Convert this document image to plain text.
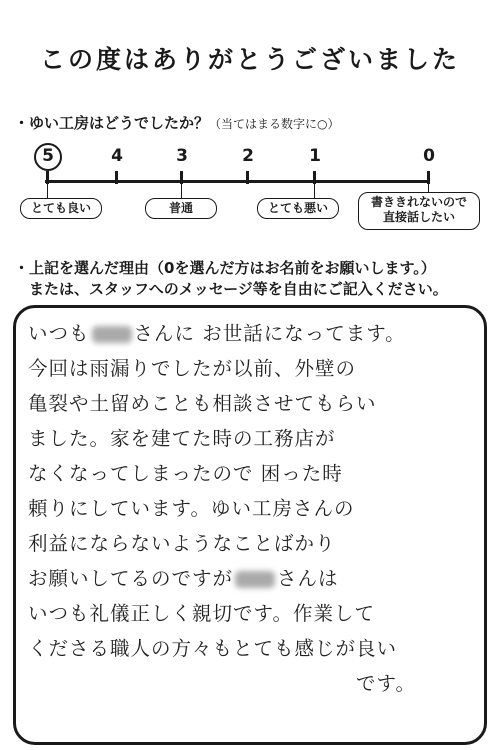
この度はありがとうございました
・ゆい工房はどうでしたか？（当てはまる数字に○）
5	4	3	2	1	0
とても良い	普通	とても悪い	書ききれないので
直接話したい
・上記を選んだ理由（0を選んだ方はお名前をお願いします。）
　または、スタッフへのメッセージ等を自由にご記入ください。
いつも さんに お世話になってます。
今回は雨漏りでしたが以前、外壁の
亀裂や土留めことも相談させてもらい
ました。家を建てた時の工務店が
なくなってしまったので 困った時
頼りにしています。ゆい工房さんの
利益にならないようなことばかり
お願いしてるのですが さんは
いつも礼儀正しく親切です。作業して
くださる職人の方々もとても感じが良い
です。
